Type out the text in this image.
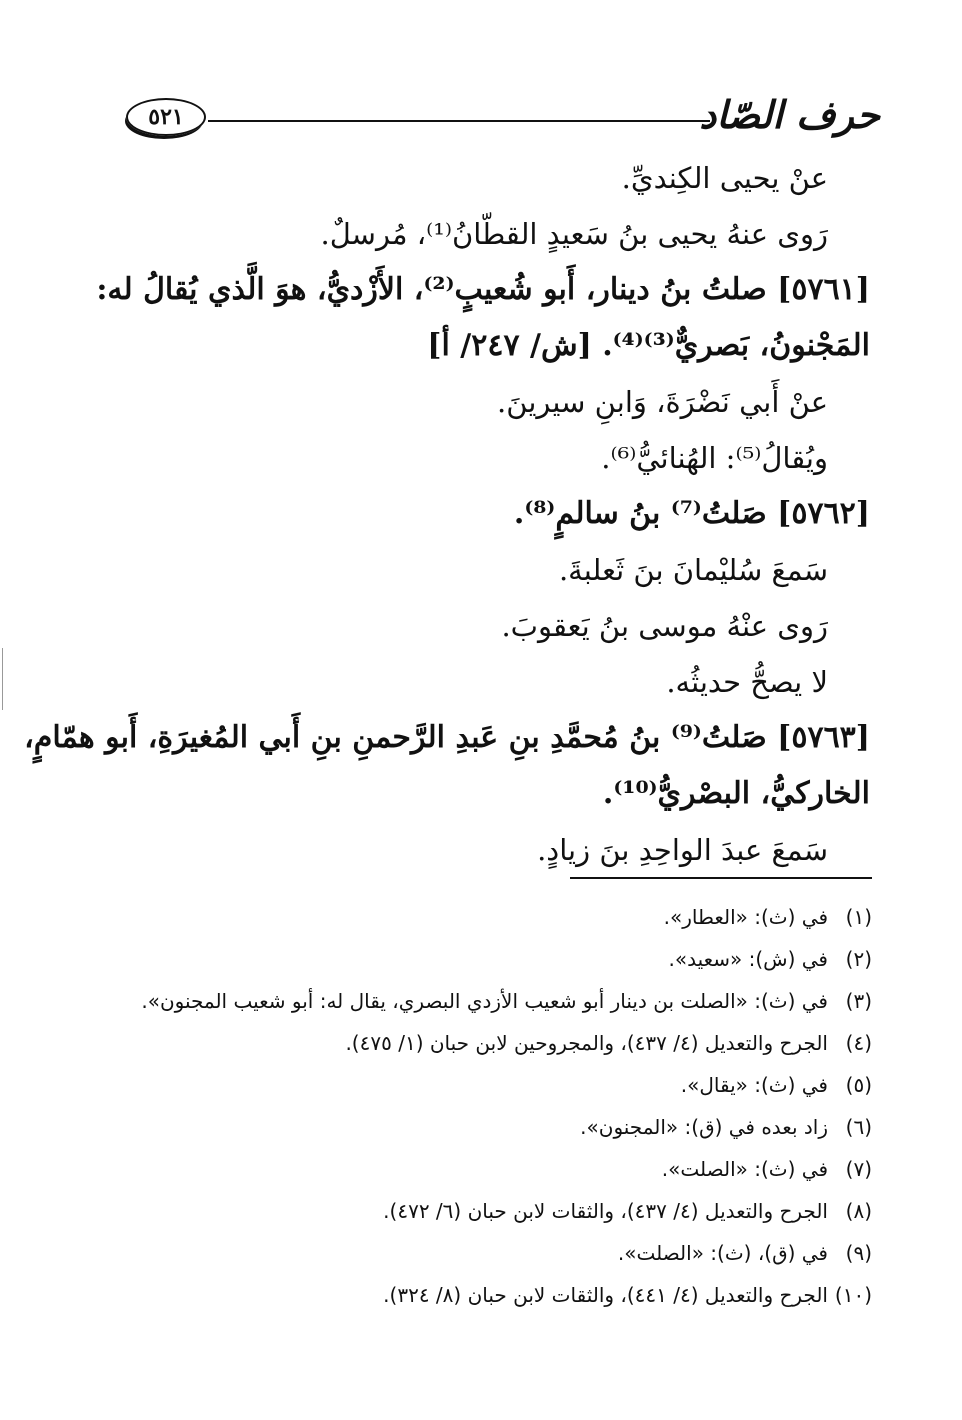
حرف الصّاد
٥٢١
عنْ يحيى الكِنديِّ.
رَوى عنهُ يحيى بنُ سَعيدٍ القطّانُ⁽¹⁾، مُرسلٌ.
[٥٧٦١] صلتُ بنُ دينار، أَبو شُعيبٍ⁽²⁾، الأَزْديُّ، هوَ الَّذي يُقالُ له:
المَجْنونُ، بَصريٌّ⁽³⁾⁽⁴⁾. [ش/ ٢٤٧/ أ]
عنْ أَبي نَضْرَةَ، وَابنِ سيرينَ.
ويُقالُ⁽⁵⁾: الهُنائيُّ⁽⁶⁾.
[٥٧٦٢] صَلتُ⁽⁷⁾ بنُ سالمٍ⁽⁸⁾.
سَمعَ سُليْمانَ بنَ ثَعلبةَ.
رَوى عنْهُ موسى بنُ يَعقوبَ.
لا يصحُّ حديثُه.
[٥٧٦٣] صَلتُ⁽⁹⁾ بنُ مُحمَّدِ بنِ عَبدِ الرَّحمنِ بنِ أَبي المُغيرَةِ، أَبو همّامٍ،
الخاركيُّ، البصْريُّ⁽¹⁰⁾.
سَمعَ عبدَ الواحِدِ بنَ زيادٍ.
(١)في (ث): «العطار».
(٢)في (ش): «سعيد».
(٣)في (ث): «الصلت بن دينار أبو شعيب الأزدي البصري، يقال له: أبو شعيب المجنون».
(٤)الجرح والتعديل (٤/ ٤٣٧)، والمجروحين لابن حبان (١/ ٤٧٥).
(٥)في (ث): «يقال».
(٦)زاد بعده في (ق): «المجنون».
(٧)في (ث): «الصلت».
(٨)الجرح والتعديل (٤/ ٤٣٧)، والثقات لابن حبان (٦/ ٤٧٢).
(٩)في (ق)، (ث): «الصلت».
(١٠)الجرح والتعديل (٤/ ٤٤١)، والثقات لابن حبان (٨/ ٣٢٤).
